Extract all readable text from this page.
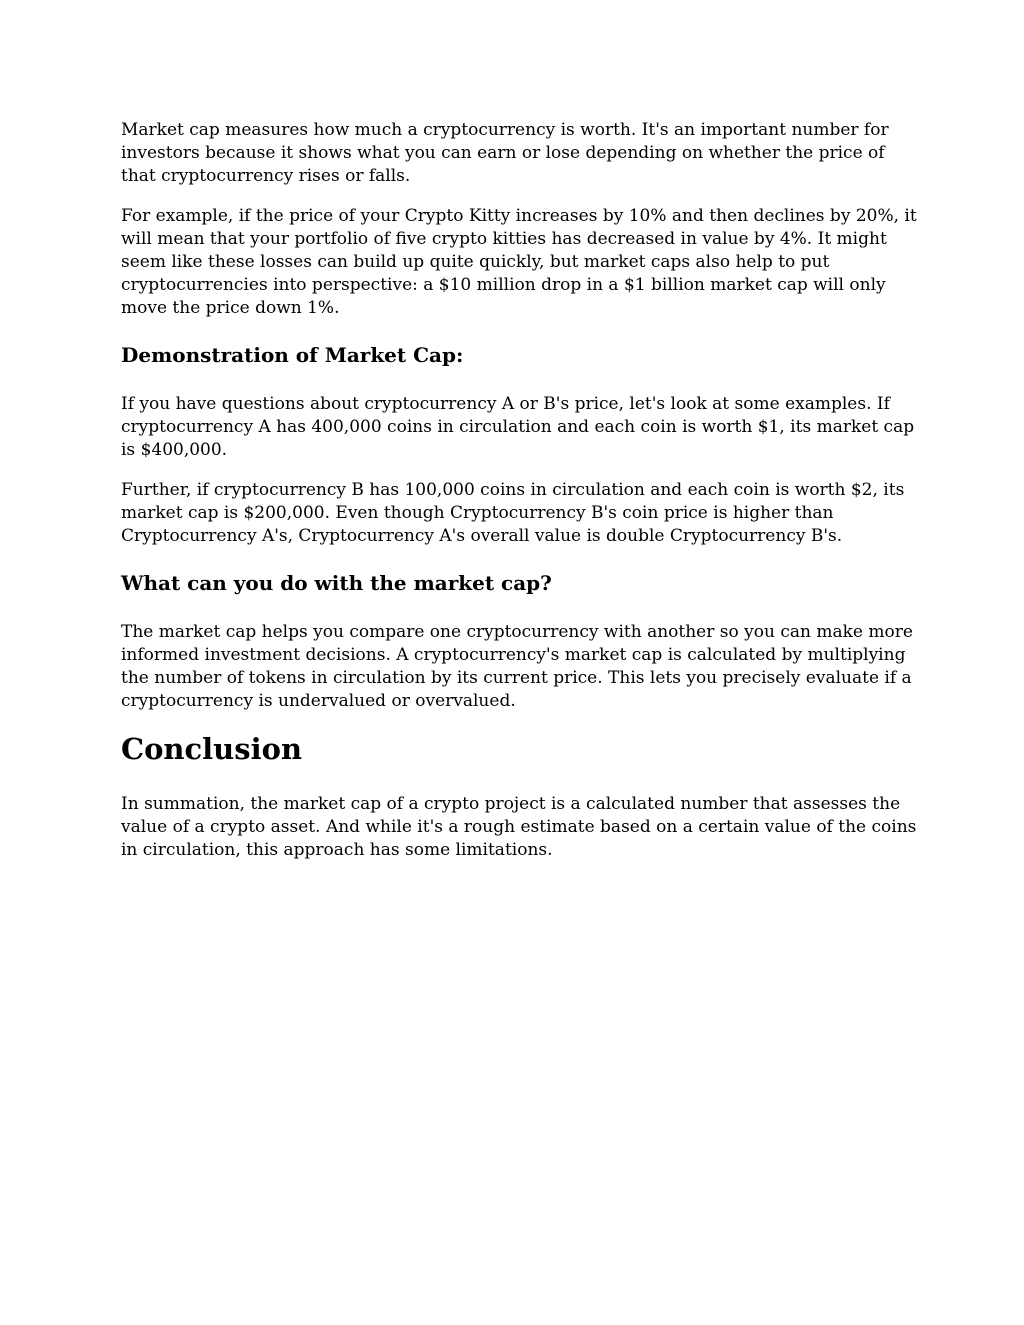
Market cap measures how much a cryptocurrency is worth. It's an important number for investors because it shows what you can earn or lose depending on whether the price of that cryptocurrency rises or falls.

For example, if the price of your Crypto Kitty increases by 10% and then declines by 20%, it will mean that your portfolio of five crypto kitties has decreased in value by 4%. It might seem like these losses can build up quite quickly, but market caps also help to put cryptocurrencies into perspective: a $10 million drop in a $1 billion market cap will only move the price down 1%.

Demonstration of Market Cap:

If you have questions about cryptocurrency A or B's price, let's look at some examples. If cryptocurrency A has 400,000 coins in circulation and each coin is worth $1, its market cap is $400,000.

Further, if cryptocurrency B has 100,000 coins in circulation and each coin is worth $2, its market cap is $200,000. Even though Cryptocurrency B's coin price is higher than Cryptocurrency A's, Cryptocurrency A's overall value is double Cryptocurrency B's.

What can you do with the market cap?

The market cap helps you compare one cryptocurrency with another so you can make more informed investment decisions. A cryptocurrency's market cap is calculated by multiplying the number of tokens in circulation by its current price. This lets you precisely evaluate if a cryptocurrency is undervalued or overvalued.

Conclusion

In summation, the market cap of a crypto project is a calculated number that assesses the value of a crypto asset. And while it's a rough estimate based on a certain value of the coins in circulation, this approach has some limitations.
